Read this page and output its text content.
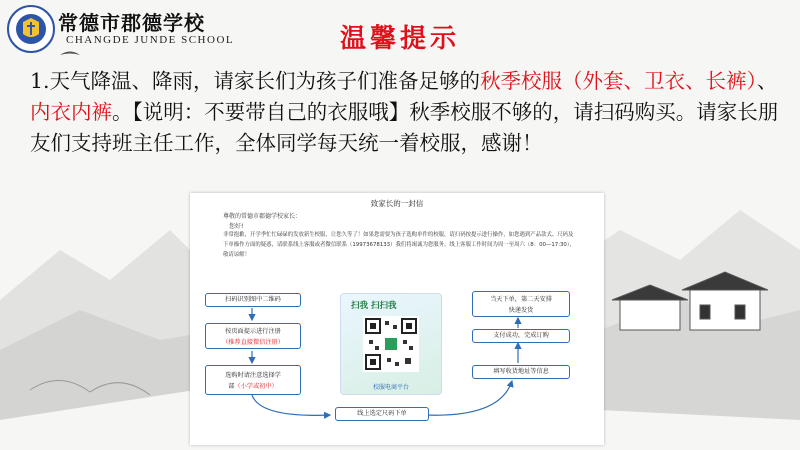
常德市郡德学校
CHANGDE JUNDE SCHOOL	温馨提示
1.天气降温、降雨，请家长们为孩子们准备足够的秋季校服（外套、卫衣、长裤）、内衣内裤。【说明：不要带自己的衣服哦】秋季校服不够的，请扫码购买。请家长朋友们支持班主任工作，全体同学每天统一着校服，感谢！
致家长的一封信
尊敬的常德市郡德学校家长：
您好!
非常抱歉，开学季忙忙碌碌的发放新生校服，让您久等了！如果您需要为孩子选购单件的校服，请扫码按提示进行操作，如您遇到产品款式、尺码及下单操作方面的疑惑，请联系线上客服或者微信联系（19973678133）我们将竭诚为您服务。线上客服工作时间为周一至周六（8：00—17:30），敬请谅解！
扫码识别图中二维码
按页面提示进行注册
（推荐直接微信注册）
选购时请注意选择学
部（小学或初中）
线上选定尺码下单
填写收货地址等信息
支付成功，完成订购
当天下单，第二天安排
快递发货
扫我 扫扫我
校服电商平台
